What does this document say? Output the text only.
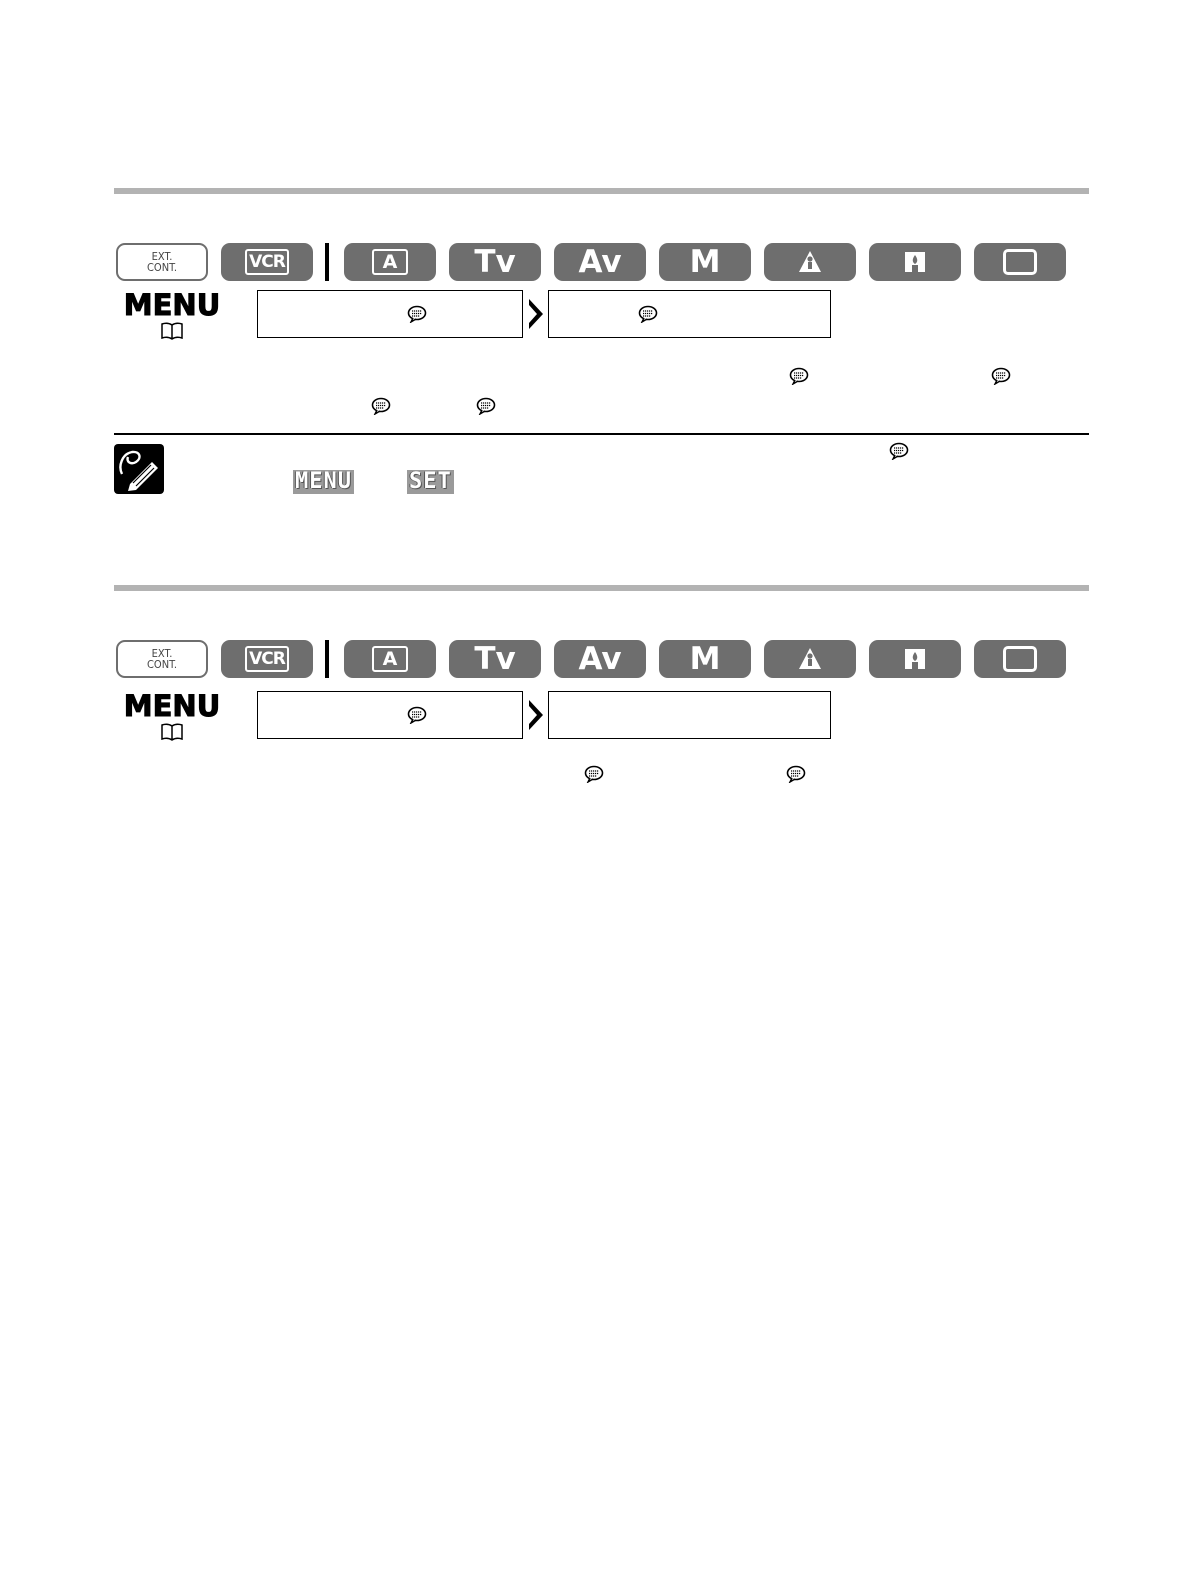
EXT.
CONT.	VCR	A	Tv Av M
MENU
MENU	SET
EXT.
CONT.	VCR	A	Tv Av M
MENU
